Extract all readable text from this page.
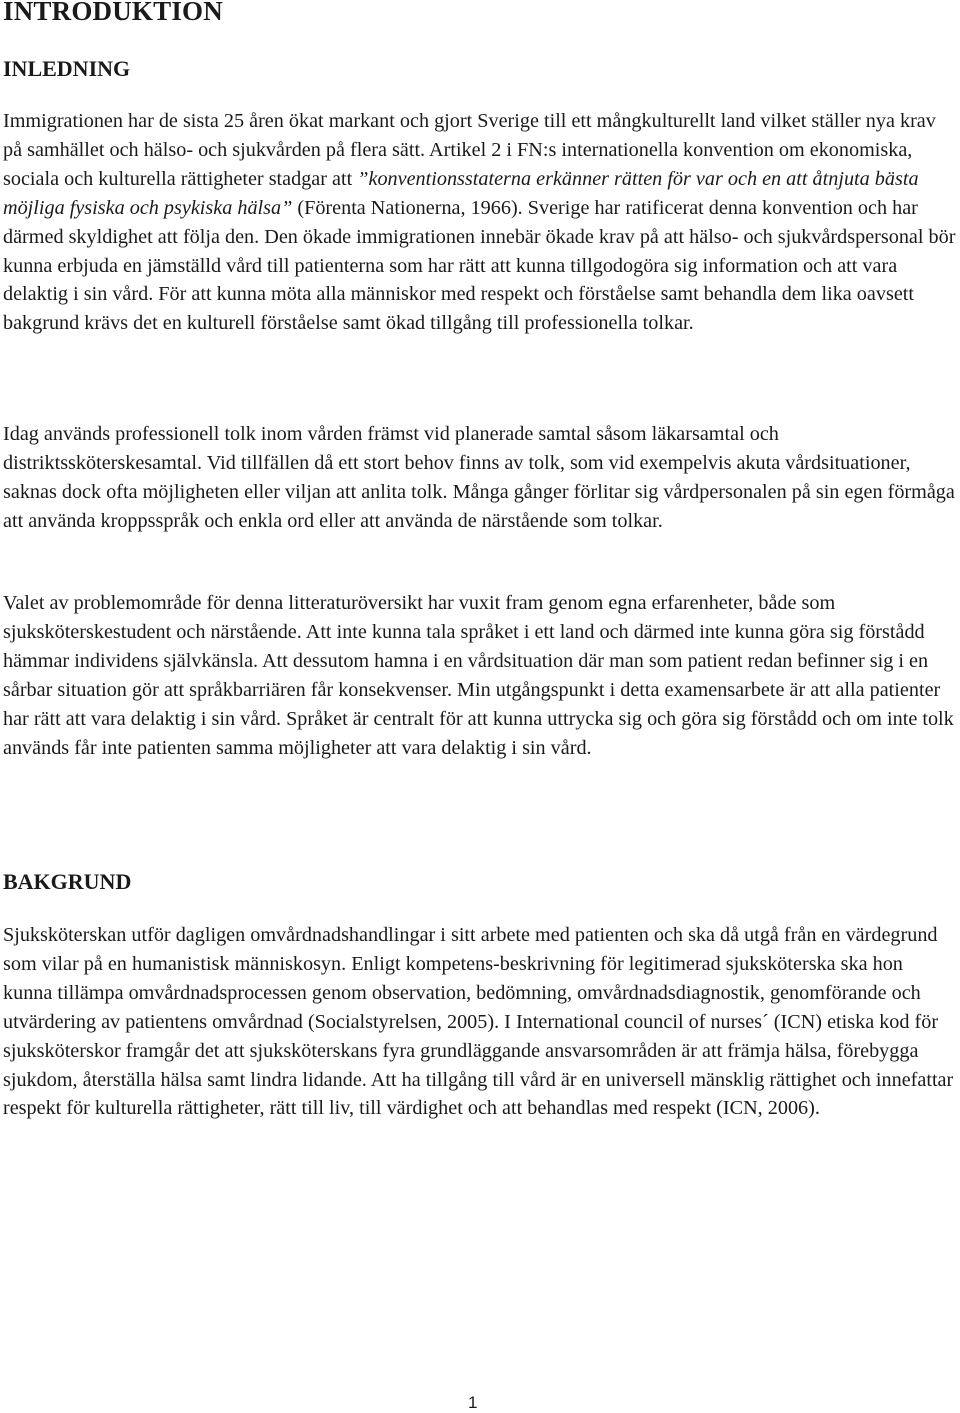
INTRODUKTION
INLEDNING

Immigrationen har de sista 25 åren ökat markant och gjort Sverige till ett mångkulturellt land vilket ställer nya krav på samhället och hälso- och sjukvården på flera sätt. Artikel 2 i FN:s internationella konvention om ekonomiska, sociala och kulturella rättigheter stadgar att ”konventionsstaterna erkänner rätten för var och en att åtnjuta bästa möjliga fysiska och psykiska hälsa” (Förenta Nationerna, 1966). Sverige har ratificerat denna konvention och har därmed skyldighet att följa den. Den ökade immigrationen innebär ökade krav på att hälso- och sjukvårdspersonal bör kunna erbjuda en jämställd vård till patienterna som har rätt att kunna tillgodogöra sig information och att vara delaktig i sin vård. För att kunna möta alla människor med respekt och förståelse samt behandla dem lika oavsett bakgrund krävs det en kulturell förståelse samt ökad tillgång till professionella tolkar.

Idag används professionell tolk inom vården främst vid planerade samtal såsom läkarsamtal och distriktssköterskesamtal. Vid tillfällen då ett stort behov finns av tolk, som vid exempelvis akuta vårdsituationer, saknas dock ofta möjligheten eller viljan att anlita tolk. Många gånger förlitar sig vårdpersonalen på sin egen förmåga att använda kroppsspråk och enkla ord eller att använda de närstående som tolkar.

Valet av problemområde för denna litteraturöversikt har vuxit fram genom egna erfarenheter, både som sjuksköterskestudent och närstående. Att inte kunna tala språket i ett land och därmed inte kunna göra sig förstådd hämmar individens självkänsla. Att dessutom hamna i en vårdsituation där man som patient redan befinner sig i en sårbar situation gör att språkbarriären får konsekvenser. Min utgångspunkt i detta examensarbete är att alla patienter har rätt att vara delaktig i sin vård. Språket är centralt för att kunna uttrycka sig och göra sig förstådd och om inte tolk används får inte patienten samma möjligheter att vara delaktig i sin vård.

BAKGRUND

Sjuksköterskan utför dagligen omvårdnadshandlingar i sitt arbete med patienten och ska då utgå från en värdegrund som vilar på en humanistisk människosyn. Enligt kompetens-beskrivning för legitimerad sjuksköterska ska hon kunna tillämpa omvårdnadsprocessen genom observation, bedömning, omvårdnadsdiagnostik, genomförande och utvärdering av patientens omvårdnad (Socialstyrelsen, 2005). I International council of nurses´ (ICN) etiska kod för sjuksköterskor framgår det att sjuksköterskans fyra grundläggande ansvarsområden är att främja hälsa, förebygga sjukdom, återställa hälsa samt lindra lidande. Att ha tillgång till vård är en universell mänsklig rättighet och innefattar respekt för kulturella rättigheter, rätt till liv, till värdighet och att behandlas med respekt (ICN, 2006).

1
